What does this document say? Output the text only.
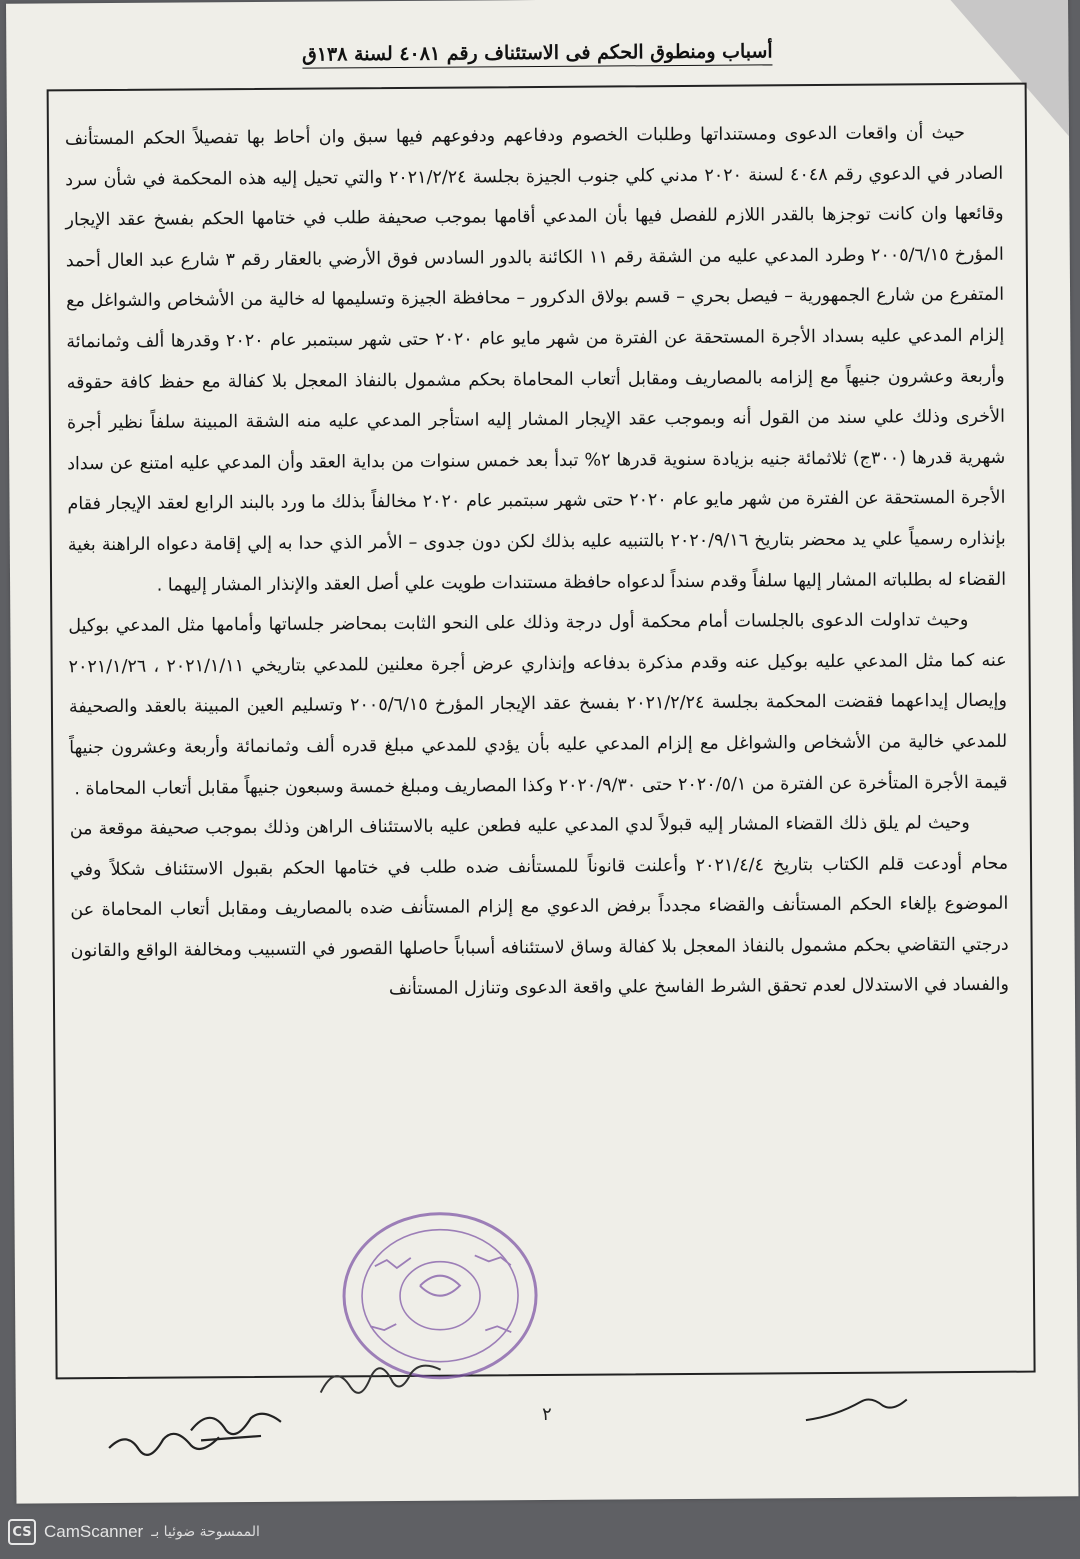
أسباب ومنطوق الحكم فى الاستئناف رقم ٤٠٨١ لسنة ١٣٨ق

حيث أن واقعات الدعوى ومستنداتها وطلبات الخصوم ودفاعهم ودفوعهم فيها سبق وان أحاط بها تفصيلاً الحكم المستأنف الصادر في الدعوي رقم ٤٠٤٨ لسنة ٢٠٢٠ مدني كلي جنوب الجيزة بجلسة ٢٠٢١/٢/٢٤ والتي تحيل إليه هذه المحكمة في شأن سرد وقائعها وان كانت توجزها بالقدر اللازم للفصل فيها بأن المدعي أقامها بموجب صحيفة طلب في ختامها الحكم بفسخ عقد الإيجار المؤرخ ٢٠٠٥/٦/١٥ وطرد المدعي عليه من الشقة رقم ١١ الكائنة بالدور السادس فوق الأرضي بالعقار رقم ٣ شارع عبد العال أحمد المتفرع من شارع الجمهورية – فيصل بحري – قسم بولاق الدكرور – محافظة الجيزة وتسليمها له خالية من الأشخاص والشواغل مع إلزام المدعي عليه بسداد الأجرة المستحقة عن الفترة من شهر مايو عام ٢٠٢٠ حتى شهر سبتمبر عام ٢٠٢٠ وقدرها ألف وثمانمائة وأربعة وعشرون جنيهاً مع إلزامه بالمصاريف ومقابل أتعاب المحاماة بحكم مشمول بالنفاذ المعجل بلا كفالة مع حفظ كافة حقوقه الأخرى وذلك علي سند من القول أنه وبموجب عقد الإيجار المشار إليه استأجر المدعي عليه منه الشقة المبينة سلفاً نظير أجرة شهرية قدرها (٣٠٠ج) ثلاثمائة جنيه بزيادة سنوية قدرها ٢% تبدأ بعد خمس سنوات من بداية العقد وأن المدعي عليه امتنع عن سداد الأجرة المستحقة عن الفترة من شهر مايو عام ٢٠٢٠ حتى شهر سبتمبر عام ٢٠٢٠ مخالفاً بذلك ما ورد بالبند الرابع لعقد الإيجار فقام بإنذاره رسمياً علي يد محضر بتاريخ ٢٠٢٠/٩/١٦ بالتنبيه عليه بذلك لكن دون جدوى – الأمر الذي حدا به إلي إقامة دعواه الراهنة بغية القضاء له بطلباته المشار إليها سلفاً وقدم سنداً لدعواه حافظة مستندات طويت علي أصل العقد والإنذار المشار إليهما .

وحيث تداولت الدعوى بالجلسات أمام محكمة أول درجة وذلك على النحو الثابت بمحاضر جلساتها وأمامها مثل المدعي بوكيل عنه كما مثل المدعي عليه بوكيل عنه وقدم مذكرة بدفاعه وإنذاري عرض أجرة معلنين للمدعي بتاريخي ٢٠٢١/١/١١ ، ٢٠٢١/١/٢٦ وإيصال إيداعهما فقضت المحكمة بجلسة ٢٠٢١/٢/٢٤ بفسخ عقد الإيجار المؤرخ ٢٠٠٥/٦/١٥ وتسليم العين المبينة بالعقد والصحيفة للمدعي خالية من الأشخاص والشواغل مع إلزام المدعي عليه بأن يؤدي للمدعي مبلغ قدره ألف وثمانمائة وأربعة وعشرون جنيهاً قيمة الأجرة المتأخرة عن الفترة من ٢٠٢٠/٥/١ حتى ٢٠٢٠/٩/٣٠ وكذا المصاريف ومبلغ خمسة وسبعون جنيهاً مقابل أتعاب المحاماة .

وحيث لم يلق ذلك القضاء المشار إليه قبولاً لدي المدعي عليه فطعن عليه بالاستئناف الراهن وذلك بموجب صحيفة موقعة من محام أودعت قلم الكتاب بتاريخ ٢٠٢١/٤/٤ وأعلنت قانوناً للمستأنف ضده طلب في ختامها الحكم بقبول الاستئناف شكلاً وفي الموضوع بإلغاء الحكم المستأنف والقضاء مجدداً برفض الدعوي مع إلزام المستأنف ضده بالمصاريف ومقابل أتعاب المحاماة عن درجتي التقاضي بحكم مشمول بالنفاذ المعجل بلا كفالة وساق لاستئنافه أسباباً حاصلها القصور في التسبيب ومخالفة الواقع والقانون والفساد في الاستدلال لعدم تحقق الشرط الفاسخ علي واقعة الدعوى وتنازل المستأنف

٢
CS CamScanner الممسوحة ضوئيا بـ
